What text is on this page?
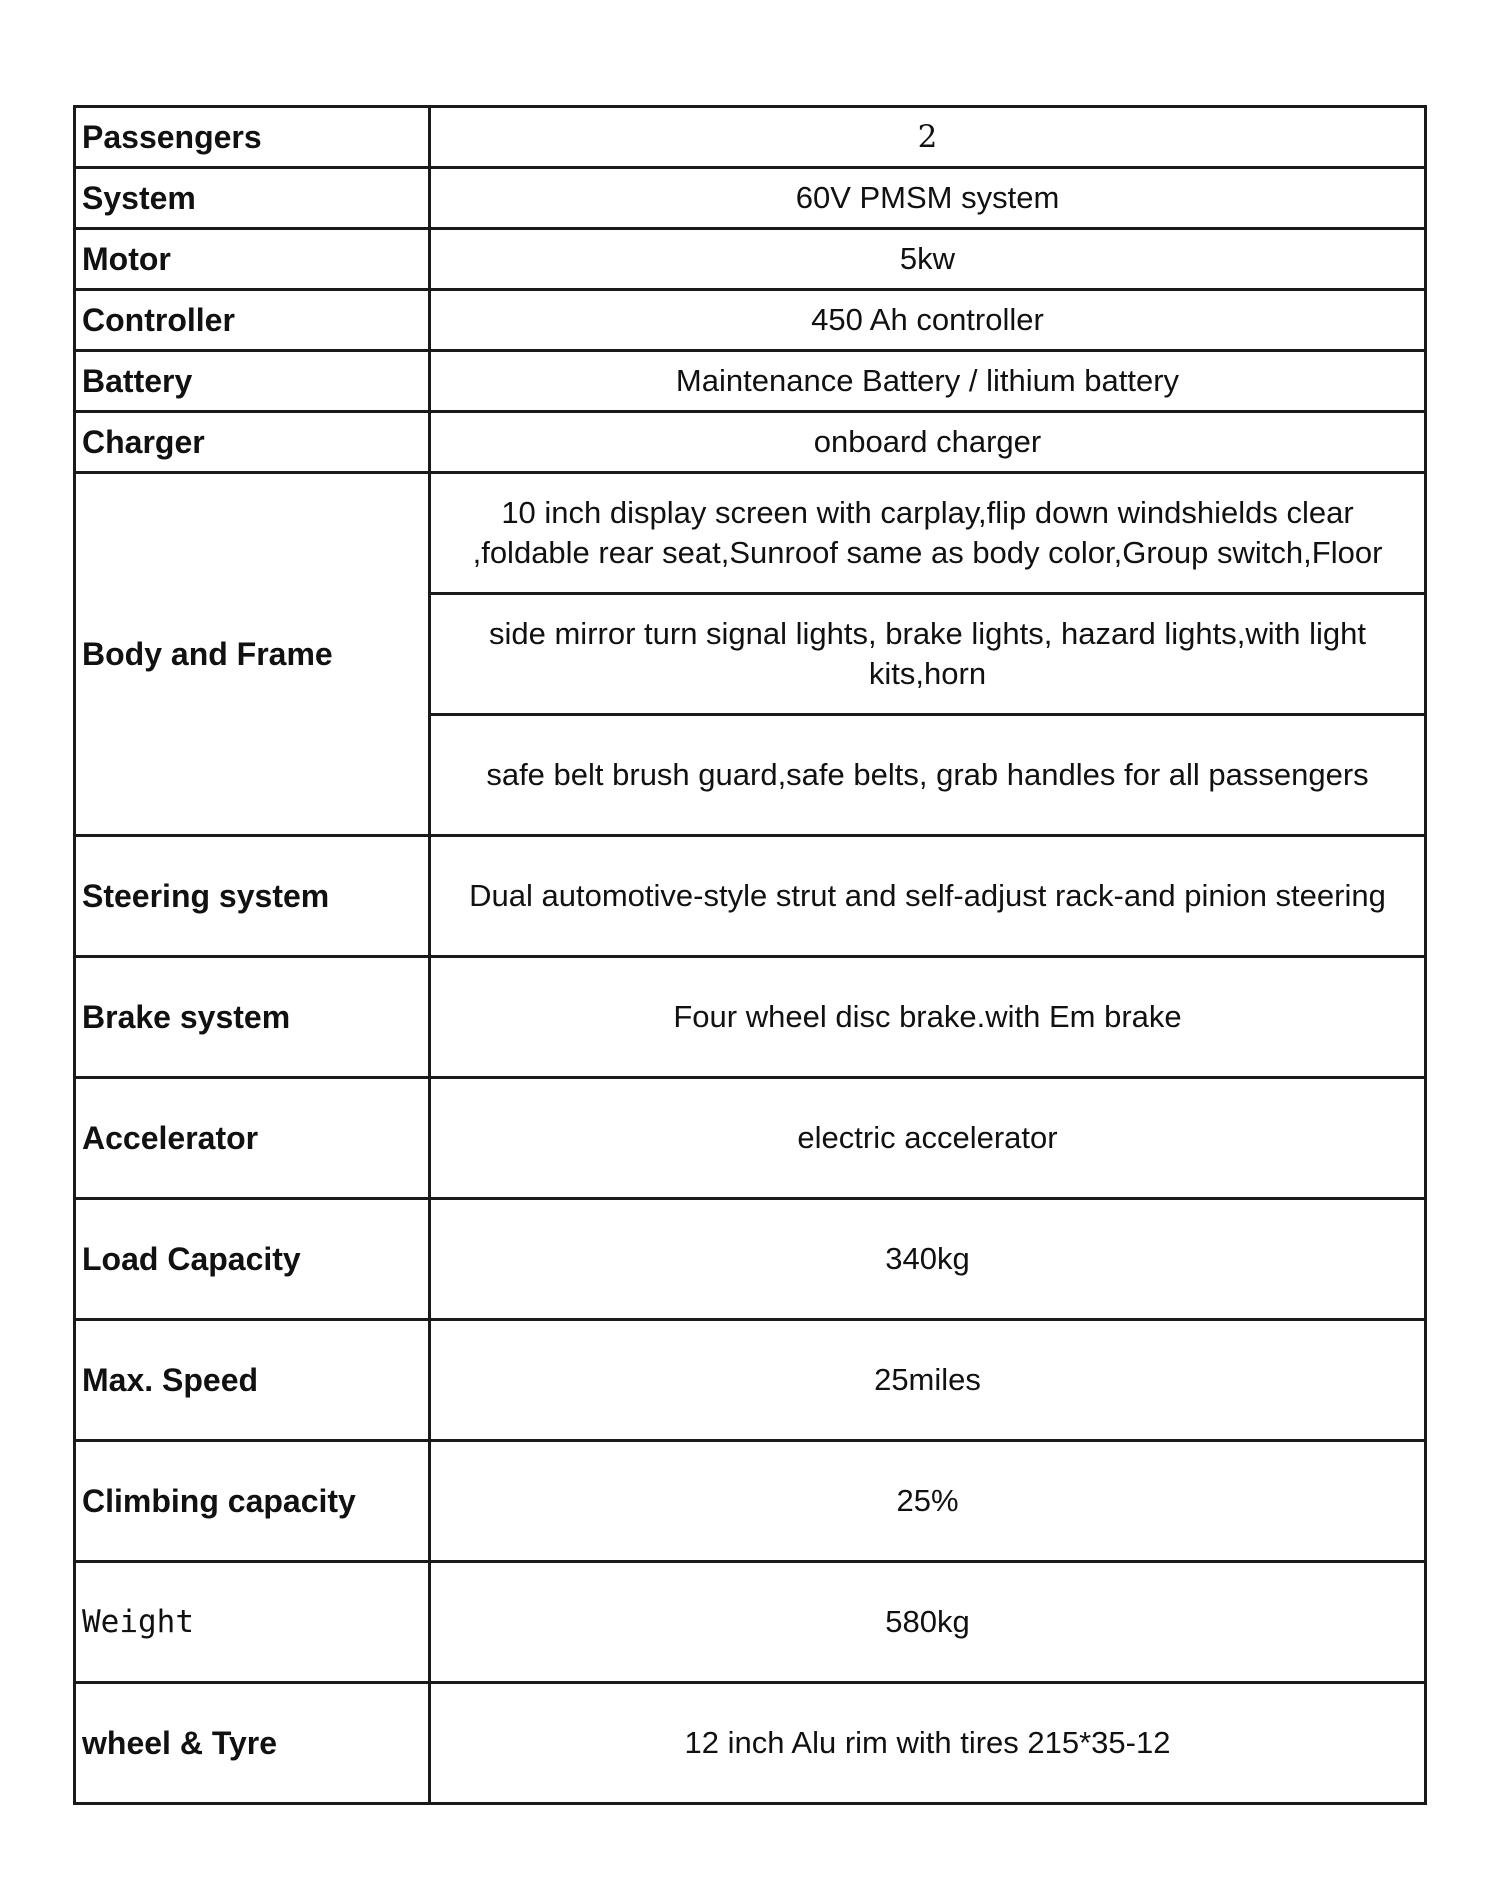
Passengers	2
System	60V PMSM system
Motor	5kw
Controller	450 Ah controller
Battery	Maintenance Battery / lithium battery
Charger	onboard charger
Body and Frame	10 inch display screen with carplay,flip down windshields clear ,foldable rear seat,Sunroof same as body color,Group switch,Floor
	side mirror turn signal lights, brake lights, hazard lights,with light kits,horn
	safe belt brush guard,safe belts, grab handles for all passengers
Steering system	Dual automotive-style strut and self-adjust rack-and pinion steering
Brake system	Four wheel disc brake.with Em brake
Accelerator	electric accelerator
Load Capacity	340kg
Max. Speed	25miles
Climbing capacity	25%
Weight	580kg
wheel & Tyre	12 inch Alu rim with tires 215*35-12
